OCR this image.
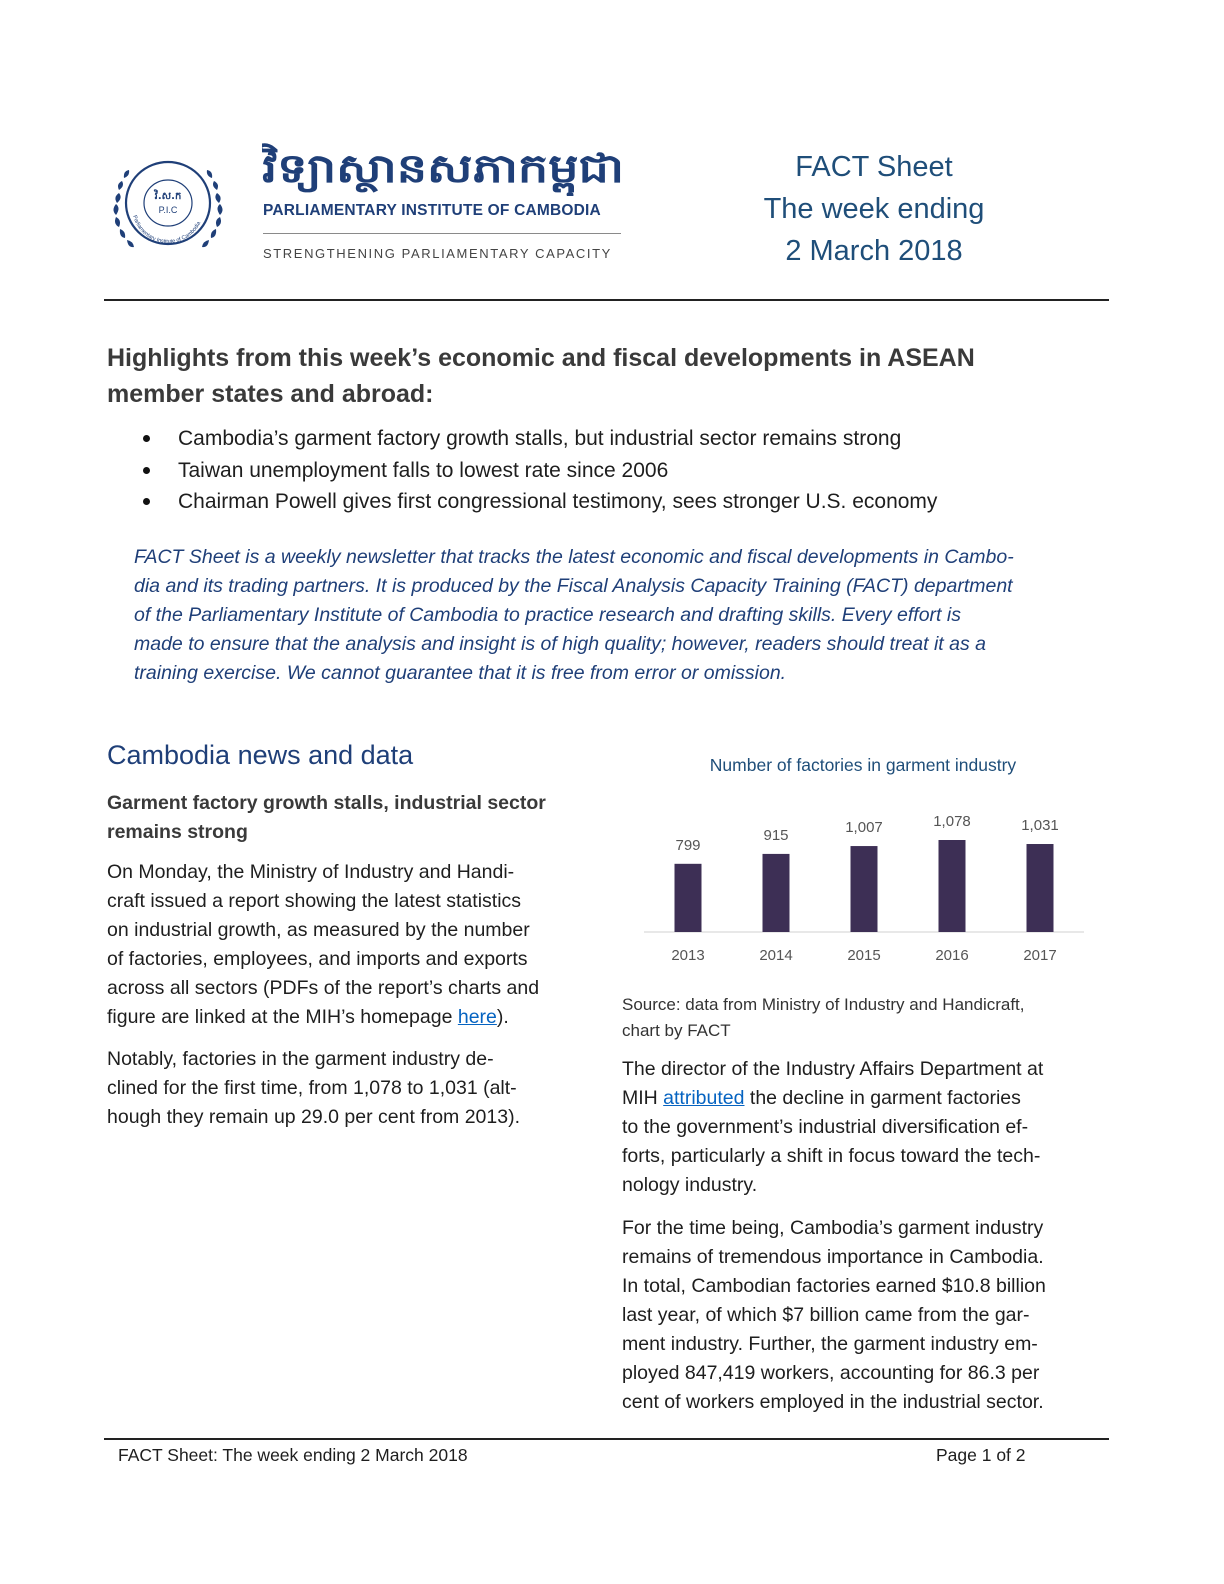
វិ.ស.ក
P.I.C
Parliamentary Institute of Cambodia
វិទ្យាស្ថានសភាកម្ពុជា
PARLIAMENTARY INSTITUTE OF CAMBODIA
STRENGTHENING PARLIAMENTARY CAPACITY
FACT Sheet
The week ending
2 March 2018
Highlights from this week’s economic and fiscal developments in ASEAN
member states and abroad:
Cambodia’s garment factory growth stalls, but industrial sector remains strong
Taiwan unemployment falls to lowest rate since 2006
Chairman Powell gives first congressional testimony, sees stronger U.S. economy
FACT Sheet is a weekly newsletter that tracks the latest economic and fiscal developments in Cambo-
dia and its trading partners. It is produced by the Fiscal Analysis Capacity Training (FACT) department
of the Parliamentary Institute of Cambodia to practice research and drafting skills. Every effort is
made to ensure that the analysis and insight is of high quality; however, readers should treat it as a
training exercise. We cannot guarantee that it is free from error or omission.
Cambodia news and data
Garment factory growth stalls, industrial sector
remains strong
On Monday, the Ministry of Industry and Handi-
craft issued a report showing the latest statistics
on industrial growth, as measured by the number
of factories, employees, and imports and exports
across all sectors (PDFs of the report’s charts and
figure are linked at the MIH’s homepage here).
Notably, factories in the garment industry de-
clined for the first time, from 1,078 to 1,031 (alt-
hough they remain up 29.0 per cent from 2013).
Number of factories in garment industry
799
2013
915
2014
1,007
2015
1,078
2016
1,031
2017
Source: data from Ministry of Industry and Handicraft,
chart by FACT
The director of the Industry Affairs Department at
MIH attributed the decline in garment factories
to the government’s industrial diversification ef-
forts, particularly a shift in focus toward the tech-
nology industry.
For the time being, Cambodia’s garment industry
remains of tremendous importance in Cambodia.
In total, Cambodian factories earned $10.8 billion
last year, of which $7 billion came from the gar-
ment industry. Further, the garment industry em-
ployed 847,419 workers, accounting for 86.3 per
cent of workers employed in the industrial sector.
FACT Sheet: The week ending 2 March 2018	Page 1 of 2
